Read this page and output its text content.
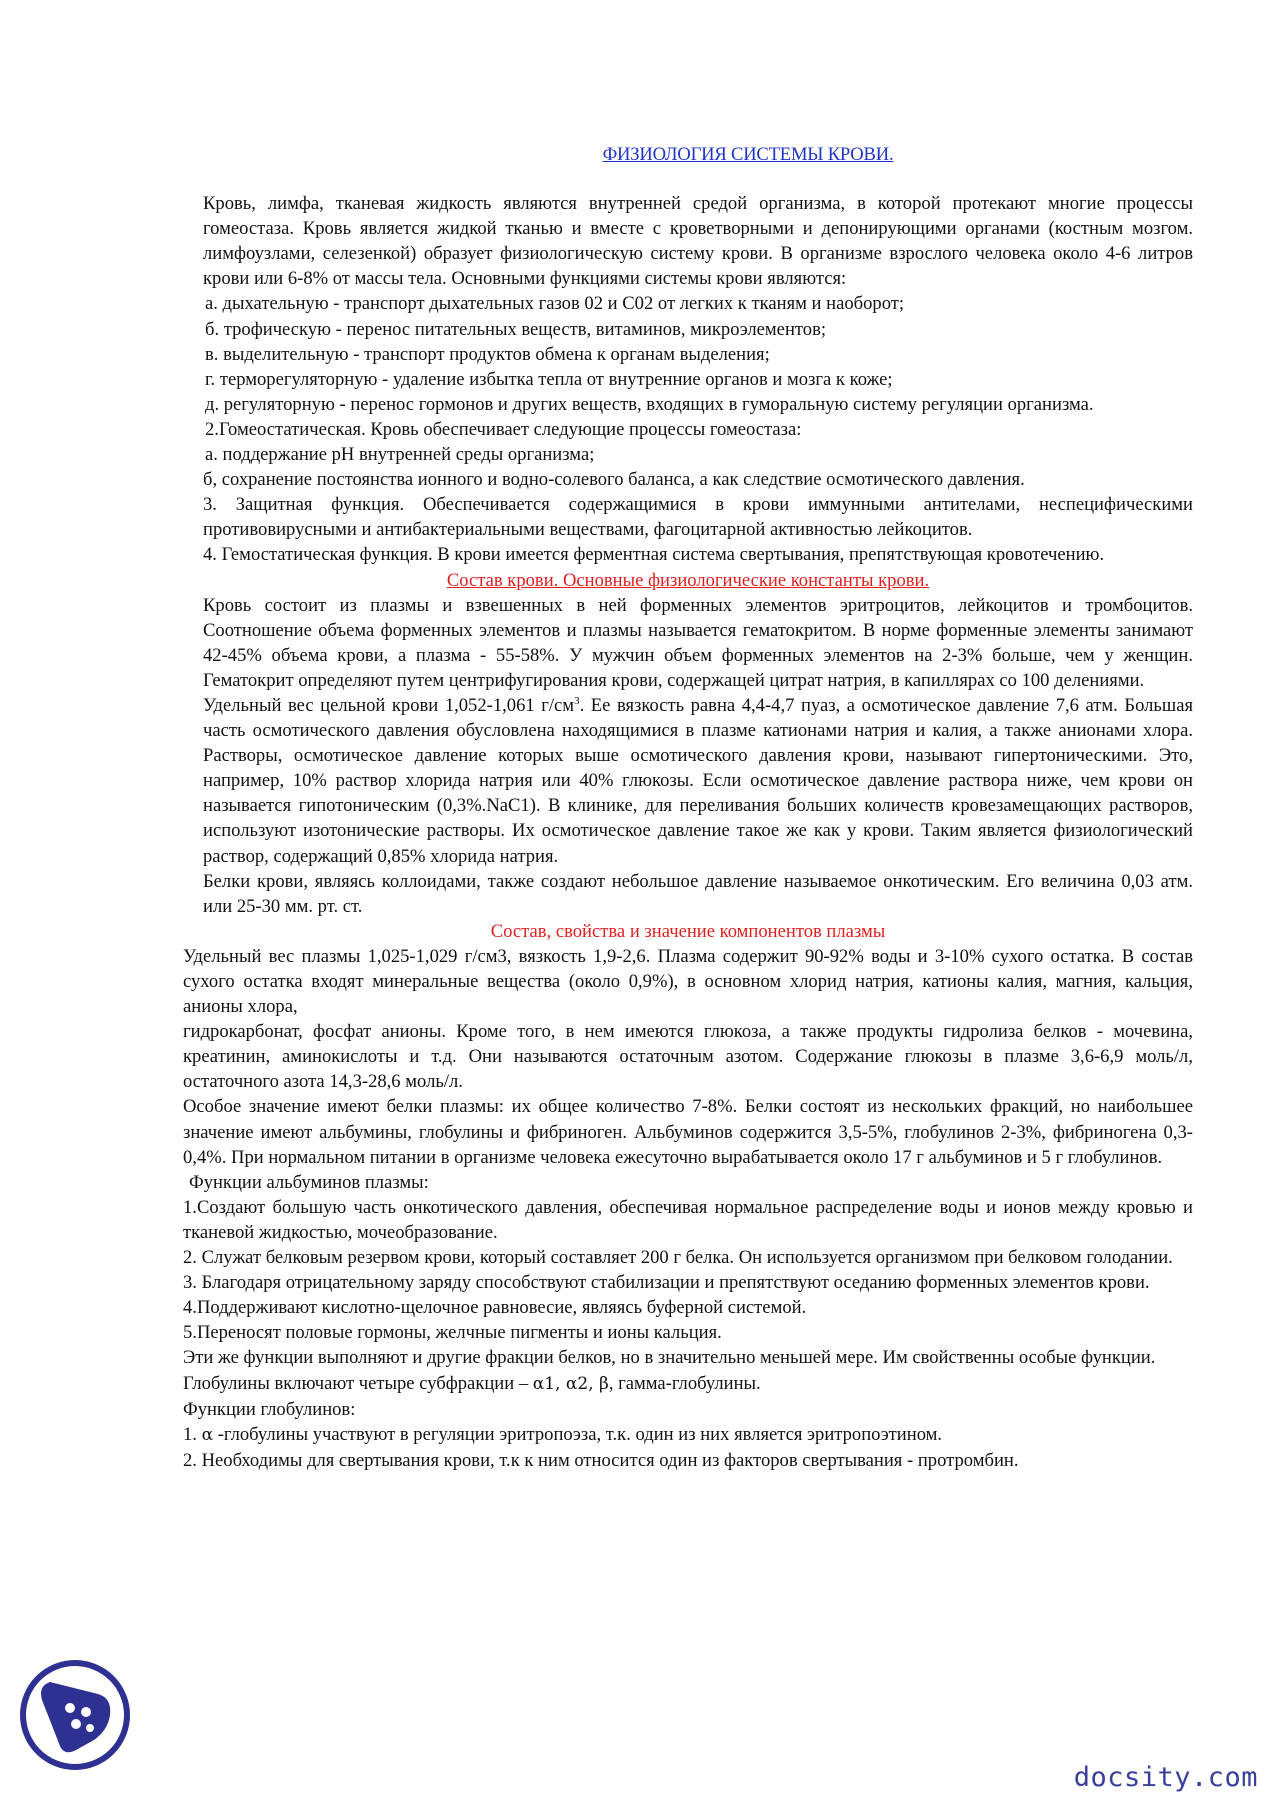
ФИЗИОЛОГИЯ СИСТЕМЫ КРОВИ.

Кровь, лимфа, тканевая жидкость являются внутренней средой организма, в которой протекают многие процессы гомеостаза. Кровь является жидкой тканью и вместе с кроветворными и депонирующими органами (костным мозгом. лимфоузлами, селезенкой) образует физиологическую систему крови. В организме взрослого человека около 4-6 литров крови или 6-8% от массы тела. Основными функциями системы крови являются:

а. дыхательную - транспорт дыхательных газов 02 и С02 от легких к тканям и наоборот;
б. трофическую - перенос питательных веществ, витаминов, микроэлементов;
в. выделительную - транспорт продуктов обмена к органам выделения;
г. терморегуляторную - удаление избытка тепла от внутренние органов и мозга к коже;
д. регуляторную - перенос гормонов и других веществ, входящих в гуморальную систему регуляции организма. 2.Гомеостатическая. Кровь обеспечивает следующие процессы гомеостаза:
а. поддержание рН внутренней среды организма;
б, сохранение постоянства ионного и водно-солевого баланса, а как следствие осмотического давления.

3. Защитная функция. Обеспечивается содержащимися в крови иммунными антителами, неспецифическими противовирусными и антибактериальными веществами, фагоцитарной активностью лейкоцитов.

4. Гемостатическая функция. В крови имеется ферментная система свертывания, препятствующая кровотечению.

Состав крови. Основные физиологические константы крови.

Кровь состоит из плазмы и взвешенных в ней форменных элементов эритроцитов, лейкоцитов и тромбоцитов. Соотношение объема форменных элементов и плазмы называется гематокритом. В норме форменные элементы занимают 42-45% объема крови, а плазма - 55-58%. У мужчин объем форменных элементов на 2-3% больше, чем у женщин. Гематокрит определяют путем центрифугирования крови, содержащей цитрат натрия, в капиллярах со 100 делениями.

Удельный вес цельной крови 1,052-1,061 $г/см^3$. Ее вязкость равна 4,4-4,7 пуаз, а осмотическое давление 7,6 атм. Большая часть осмотического давления обусловлена находящимися в плазме катионами натрия и калия, а также анионами хлора. Растворы, осмотическое давление которых выше осмотического давления крови, называют гипертоническими. Это, например, 10% раствор хлорида натрия или 40% глюкозы. Если осмотическое давление раствора ниже, чем крови он называется гипотоническим (0,3%.NaC1). В клинике, для переливания больших количеств кровезамещающих растворов, используют изотонические растворы. Их осмотическое давление такое же как у крови. Таким является физиологический раствор, содержащий 0,85% хлорида натрия.

Белки крови, являясь коллоидами, также создают небольшое давление называемое онкотическим. Его величина 0,03 атм. или 25-30 мм. рт. ст.

Состав, свойства и значение компонентов плазмы

Удельный вес плазмы 1,025-1,029 г/см3, вязкость 1,9-2,6. Плазма содержит 90-92% воды и 3-10% сухого остатка. В состав сухого остатка входят минеральные вещества (около 0,9%), в основном хлорид натрия, катионы калия, магния, кальция, анионы хлора,

гидрокарбонат, фосфат анионы. Кроме того, в нем имеются глюкоза, а также продукты гидролиза белков - мочевина, креатинин, аминокислоты и т.д. Они называются остаточным азотом. Содержание глюкозы в плазме 3,6-6,9 моль/л, остаточного азота 14,3-28,6 моль/л.

Особое значение имеют белки плазмы: их общее количество 7-8%. Белки состоят из нескольких фракций, но наибольшее значение имеют альбумины, глобулины и фибриноген. Альбуминов содержится 3,5-5%, глобулинов 2-3%, фибриногена 0,3-0,4%. При нормальном питании в организме человека ежесуточно вырабатывается около 17 г альбуминов и 5 г глобулинов.

Функции альбуминов плазмы:

1.Создают большую часть онкотического давления, обеспечивая нормальное распределение воды и ионов между кровью и тканевой жидкостью, мочеобразование.

2. Служат белковым резервом крови, который составляет 200 г белка. Он используется организмом при белковом голодании.

3. Благодаря отрицательному заряду способствуют стабилизации и препятствуют оседанию форменных элементов крови.

4.Поддерживают кислотно-щелочное равновесие, являясь буферной системой.

5.Переносят половые гормоны, желчные пигменты и ионы кальция.

Эти же функции выполняют и другие фракции белков, но в значительно меньшей мере. Им свойственны особые функции.

Глобулины включают четыре субфракции – α1, α2, β, гамма-глобулины.

Функции глобулинов:

1. α -глобулины участвуют в регуляции эритропоэза, т.к. один из них является эритропоэтином.

2. Необходимы для свертывания крови, т.к к ним относится один из факторов свертывания - протромбин.

docsity.com
